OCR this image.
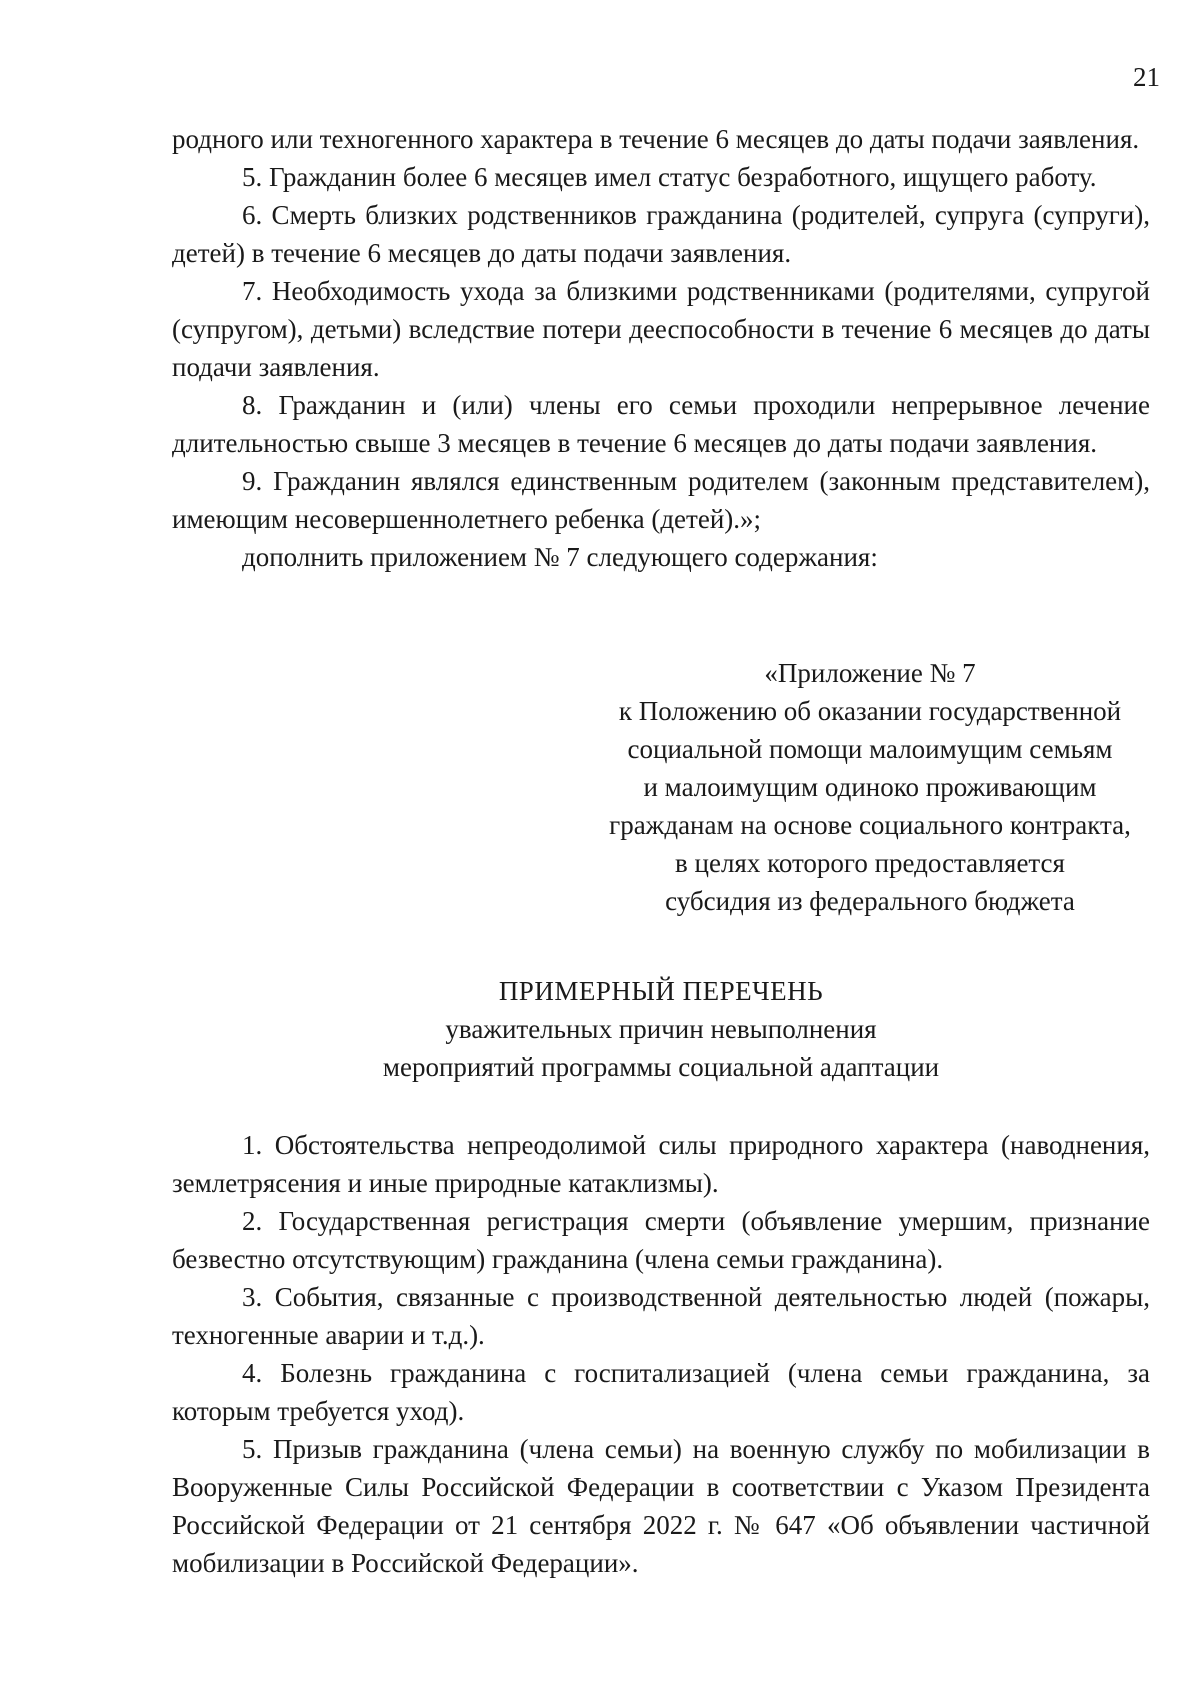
21

родного или техногенного характера в течение 6 месяцев до даты подачи заявления.

5. Гражданин более 6 месяцев имел статус безработного, ищущего работу.

6. Смерть близких родственников гражданина (родителей, супруга (супруги), детей) в течение 6 месяцев до даты подачи заявления.

7. Необходимость ухода за близкими родственниками (родителями, супругой (супругом), детьми) вследствие потери дееспособности в течение 6 месяцев до даты подачи заявления.

8. Гражданин и (или) члены его семьи проходили непрерывное лечение длительностью свыше 3 месяцев в течение 6 месяцев до даты подачи заявления.

9. Гражданин являлся единственным родителем (законным представителем), имеющим несовершеннолетнего ребенка (детей).»;

дополнить приложением № 7 следующего содержания:

«Приложение № 7
к Положению об оказании государственной
социальной помощи малоимущим семьям
и малоимущим одиноко проживающим
гражданам на основе социального контракта,
в целях которого предоставляется
субсидия из федерального бюджета
ПРИМЕРНЫЙ ПЕРЕЧЕНЬ
уважительных причин невыполнения
мероприятий программы социальной адаптации

1. Обстоятельства непреодолимой силы природного характера (наводнения, землетрясения и иные природные катаклизмы).

2. Государственная регистрация смерти (объявление умершим, признание безвестно отсутствующим) гражданина (члена семьи гражданина).

3. События, связанные с производственной деятельностью людей (пожары, техногенные аварии и т.д.).

4. Болезнь гражданина с госпитализацией (члена семьи гражданина, за которым требуется уход).

5. Призыв гражданина (члена семьи) на военную службу по мобилизации в Вооруженные Силы Российской Федерации в соответствии с Указом Президента Российской Федерации от 21 сентября 2022 г. № 647 «Об объявлении частичной мобилизации в Российской Федерации».
